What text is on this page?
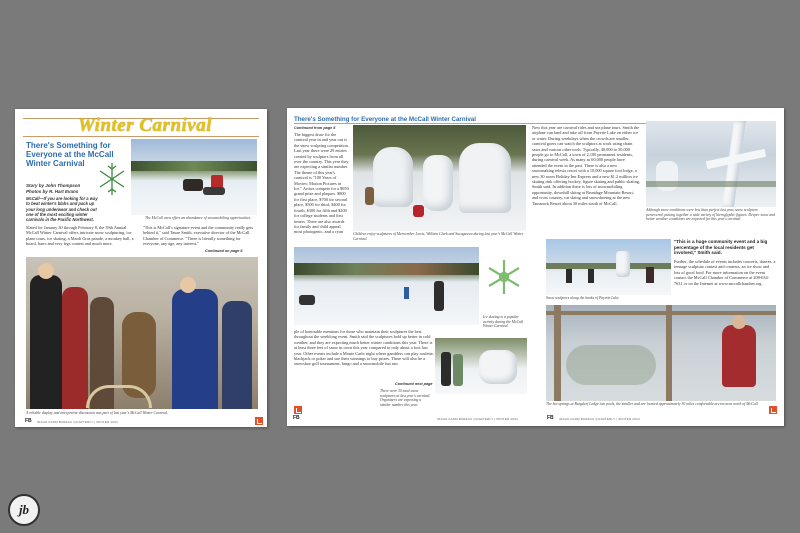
Winter Carnival
There's Something for Everyone at the McCall Winter Carnival
Story by John Thompson
Photos by R. Hart Evans
McCall—If you are looking for a way to beat winter's blahs and pack up your long underwear and check out one of the most exciting winter carnivals in the Pacific Northwest.	The McCall area offers an abundance of snowmobiling opportunities.
Slated for January 30 through February 8, the 39th Annual McCall Winter Carnival offers intricate snow sculpturing, ice plane tours, ice skating, a Mardi Gras parade, a monkey ball, a board, barrs and very legs contest and much more.
"This is McCall's signature event and the community really gets behind it," said Tauze Smith, executive director of the McCall Chamber of Commerce. "There is literally something for everyone, any age, any interest."
Continued on page 6
A reliable display and interpretive discussion was part of last year's McCall Winter Carnival.
FB	IDAHO FARM BUREAU QUARTERLY | WINTER 2004
There's Something for Everyone at the McCall Winter Carnival
Continued from page 5
The biggest draw for the carnival year in and year out is the snow sculpting competition. Last year there were 29 entries created by sculptors from all over the country. This year they are expecting a similar number. The theme of this year's carnival is "100 Years of Movies: Motion Pictures in Ice." Artists compete for a $950 grand prize and plaques. $800 for first place, $700 for second place, $500 for third, $400 for fourth, $300 for fifth and $200 for college students and first timers. There are also awards for family and child appeal, most photogenic, and a cyan	Children enjoy sculptures of Meriwether Lewis, William Clark and Sacagawea during last year's McCall Winter Carnival.
Ice skating is a popular activity during the McCall Winter Carnival.
ple of honorable mentions for those who maintain their sculptures the best throughout the weeklong event. Smith said the sculptures hold up better in cold weather, and they are expecting much better winter conditions this year. There is at least three feet of snow in town this year compared to only about a foot last year. Other events include a Monte Carlo night where gamblers can play roulette, blackjack or poker and use their winnings to buy prizes. There will also be a snowshoe golf tournament, bingo and a snowmobile fun run.
Continued next page
There were 30 total snow sculptures at last year's carnival. Organizers are expecting a similar number this year.
New this year are carnival rides and sea plane tours. Smith the airplane can land and take off from Payette Lake on either ice or water. During weekdays when the crowds are smaller, carnival goers can watch the sculptors at work using chain saws and various other tools. Typically, 40,000 to 50,000 people go to McCall, a town of 2,100 permanent residents, during carnival week. As many as 60,000 people have attended the event in the past. There is also a new snowmaking telesix resort with a 10,000 square foot lodge, a new 30 room Holiday Inn Express and a new $1.2 million ice skating rink offering hockey, figure skating and public skating, Smith said. In addition there is lots of snowmobiling opportunity, downhill skiing at Brundage Mountain Resort, and cross country, cat skiing and snowshoeing at the new Tamarack Resort about 30 miles south of McCall.
Although snow conditions were less than perfect last year, snow sculptors persevered, putting together a wide variety of hieroglyphic figures. Deeper snow and better weather conditions are expected for this year's carnival.
Snow sculptors along the banks of Payette Lake.
"This is a huge community event and a big percentage of the local residents get involved," Smith said.
Further, the schedule of events includes concerts, dances, a teenage sculpture contest and contests, an ice show and lots of good food. For more information on the event contact the McCall Chamber of Commerce at 208-634-7631 or on the Internet at www.mccallchamber.org.
The hot springs at Burgdorf Lodge two pools, the smaller and are located approximately 30 miles comfortable access area north of McCall.
FB	IDAHO FARM BUREAU QUARTERLY | WINTER 2004	FB	IDAHO FARM BUREAU QUARTERLY | WINTER 2004
jb
